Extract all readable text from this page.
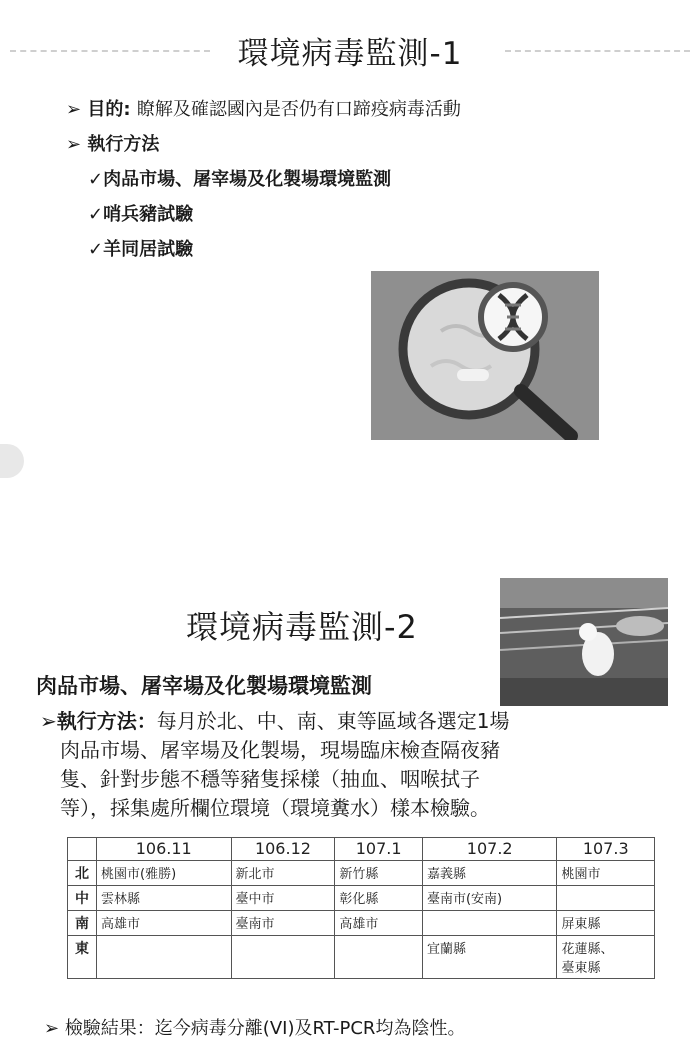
環境病毒監測-1
➢ 目的: 瞭解及確認國內是否仍有口蹄疫病毒活動
➢ 執行方法
✓肉品市場、屠宰場及化製場環境監測
✓哨兵豬試驗
✓羊同居試驗
環境病毒監測-2
肉品市場、屠宰場及化製場環境監測
➢執行方法：每月於北、中、南、東等區域各選定1場
肉品市場、屠宰場及化製場，現場臨床檢查隔夜豬
隻、針對步態不穩等豬隻採樣（抽血、咽喉拭子
等），採集處所欄位環境（環境糞水）樣本檢驗。
	106.11	106.12	107.1	107.2	107.3
北	桃園市(雅勝)	新北市	新竹縣	嘉義縣	桃園市
中	雲林縣	臺中市	彰化縣	臺南市(安南)	
南	高雄市	臺南市	高雄市		屏東縣
東				宜蘭縣	花蓮縣、
臺東縣
➢ 檢驗結果：迄今病毒分離(VI)及RT-PCR均為陰性。
